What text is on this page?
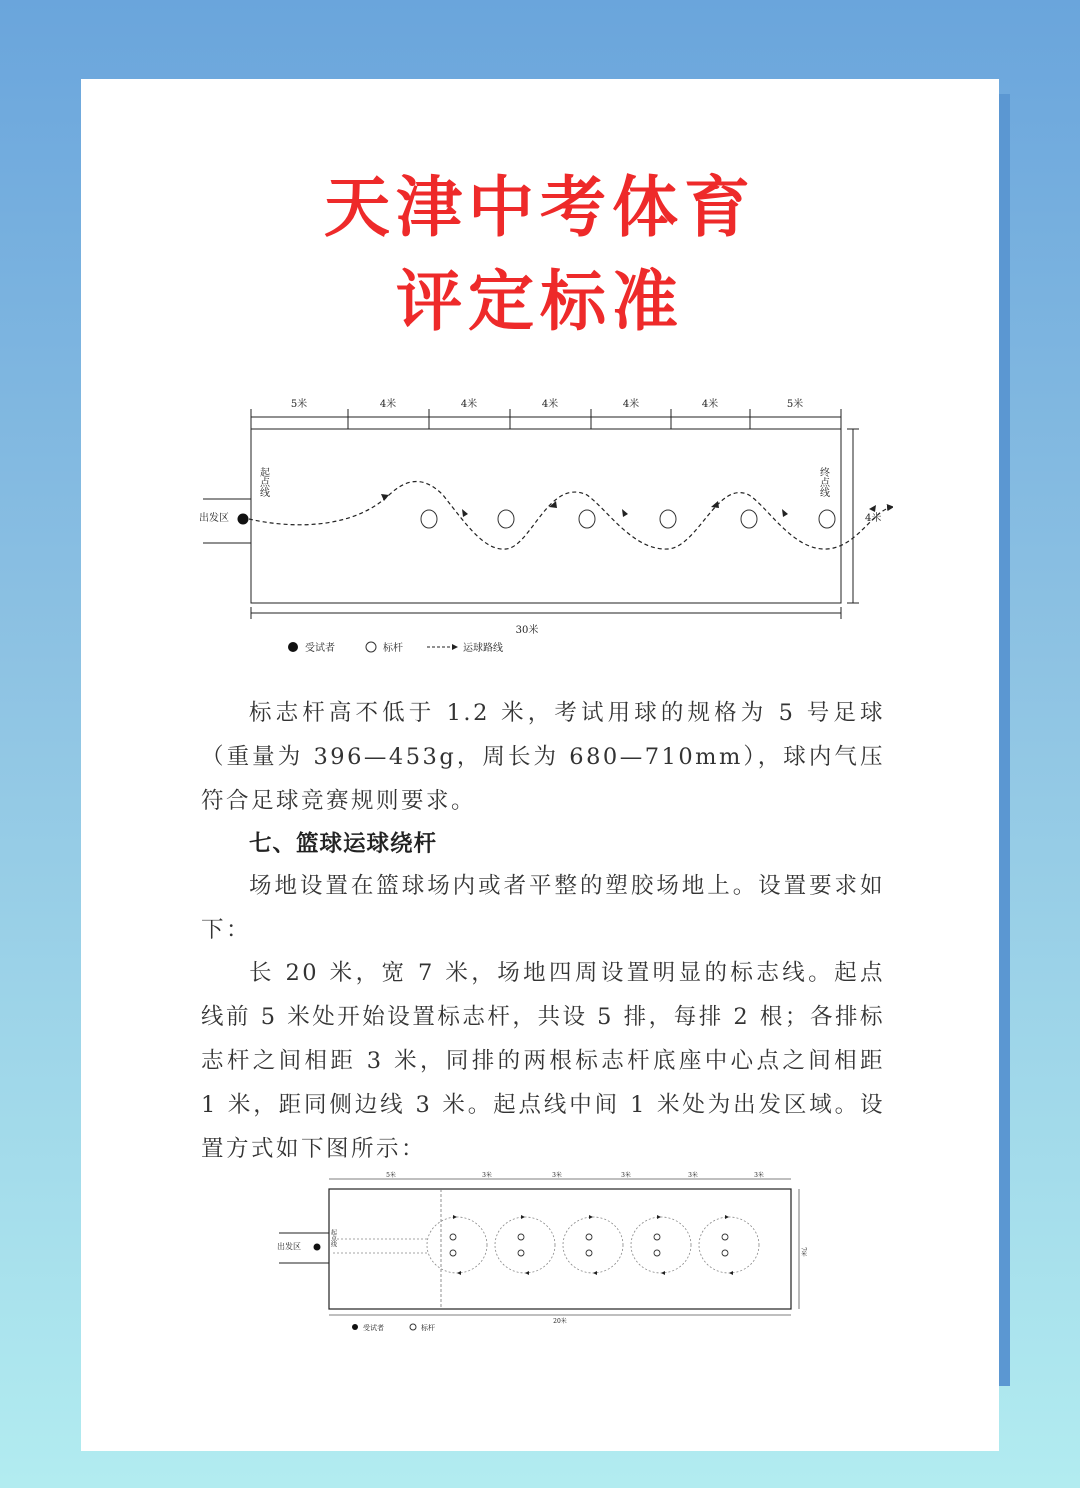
天津中考体育
评定标准
5米	4米	4米	4米	4米	4米	5米
出发区
起点线	终点线
4米
30米
受试者	标杆	运球路线

标志杆高不低于 1.2 米，考试用球的规格为 5 号足球（重量为 396—453g，周长为 680—710mm），球内气压符合足球竞赛规则要求。

七、篮球运球绕杆

场地设置在篮球场内或者平整的塑胶场地上。设置要求如下：

长 20 米，宽 7 米，场地四周设置明显的标志线。起点线前 5 米处开始设置标志杆，共设 5 排，每排 2 根；各排标志杆之间相距 3 米，同排的两根标志杆底座中心点之间相距 1 米，距同侧边线 3 米。起点线中间 1 米处为出发区域。设置方式如下图所示：

5米	3米	3米	3米	3米	3米
出发区	起点线
7米
20米
受试者	标杆
